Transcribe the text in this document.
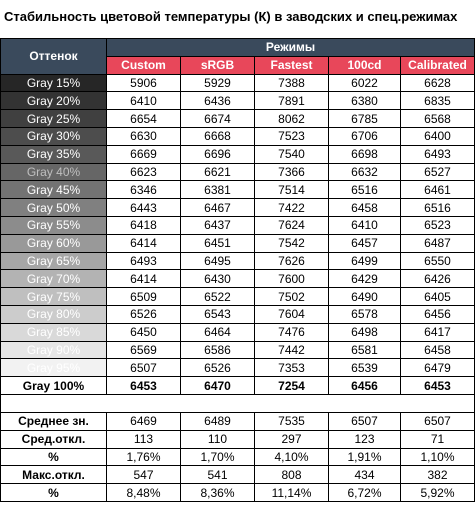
Стабильность цветовой температуры (К) в заводских и спец.режимах
Оттенок	Режимы				
	Custom	sRGB	Fastest	100cd	Calibrated
Gray 15%	5906	5929	7388	6022	6628
Gray 20%	6410	6436	7891	6380	6835
Gray 25%	6654	6674	8062	6785	6568
Gray 30%	6630	6668	7523	6706	6400
Gray 35%	6669	6696	7540	6698	6493
Gray 40%	6623	6621	7366	6632	6527
Gray 45%	6346	6381	7514	6516	6461
Gray 50%	6443	6467	7422	6458	6516
Gray 55%	6418	6437	7624	6410	6523
Gray 60%	6414	6451	7542	6457	6487
Gray 65%	6493	6495	7626	6499	6550
Gray 70%	6414	6430	7600	6429	6426
Gray 75%	6509	6522	7502	6490	6405
Gray 80%	6526	6543	7604	6578	6456
Gray 85%	6450	6464	7476	6498	6417
Gray 90%	6569	6586	7442	6581	6458
Gray 95%	6507	6526	7353	6539	6479
Gray 100%	6453	6470	7254	6456	6453

Среднее зн.	6469	6489	7535	6507	6507
Сред.откл.	113	110	297	123	71
%	1,76%	1,70%	4,10%	1,91%	1,10%
Макс.откл.	547	541	808	434	382
%	8,48%	8,36%	11,14%	6,72%	5,92%
